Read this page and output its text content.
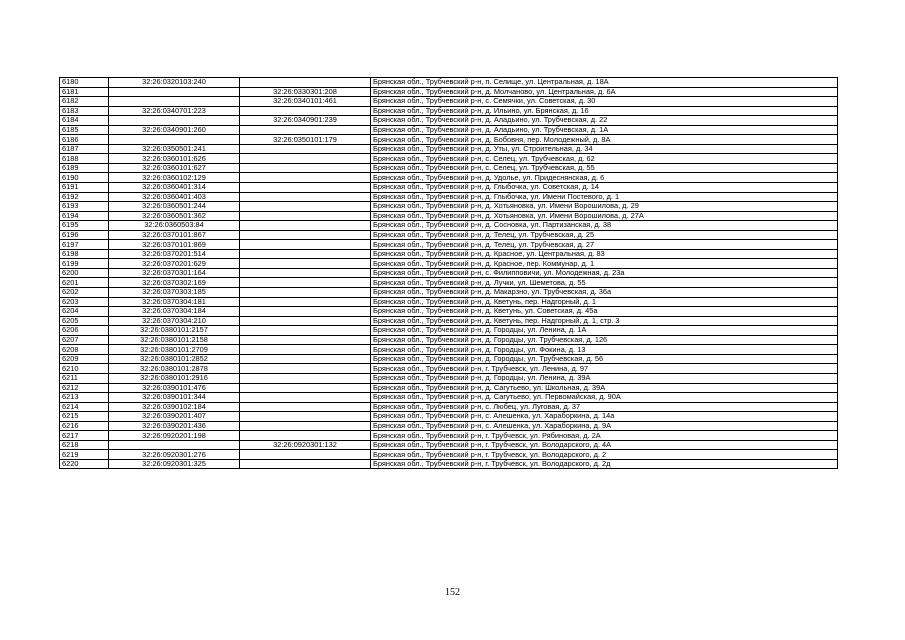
6180	32:26:0320103:240		Брянская обл., Трубчевский р-н, п. Селище, ул. Центральная, д. 18А
6181		32:26:0330301:208	Брянская обл., Трубчевский р-н, д. Молчаново, ул. Центральная, д. 6А
6182		32:26:0340101:461	Брянская обл., Трубчевский р-н, с. Семячки, ул. Советская, д. 30
6183	32:26:0340701:223		Брянская обл., Трубчевский р-н, д. Ильино, ул. Брянская, д. 16
6184		32:26:0340901:239	Брянская обл., Трубчевский р-н, д. Аладьино, ул. Трубчевская, д. 22
6185	32:26:0340901:260		Брянская обл., Трубчевский р-н, д. Аладьино, ул. Трубчевская, д. 1А
6186		32:26:0350101:179	Брянская обл., Трубчевский р-н, д. Бобовня, пер. Молодежный, д. 8А
6187	32:26:0350501:241		Брянская обл., Трубчевский р-н, д. Уты, ул. Строительная, д. 34
6188	32:26:0360101:626		Брянская обл., Трубчевский р-н, с. Селец, ул. Трубчевская, д. 62
6189	32:26:0360101:627		Брянская обл., Трубчевский р-н, с. Селец, ул. Трубчевская, д. 55
6190	32:26:0360102:129		Брянская обл., Трубчевский р-н, д. Удолье, ул. Придеснянская, д. 6
6191	32:26:0360401:314		Брянская обл., Трубчевский р-н, д. Глыбочка, ул. Советская, д. 14
6192	32:26:0360401:403		Брянская обл., Трубчевский р-н, д. Глыбочка, ул. Имени Постевого, д. 1
6193	32:26:0360501:244		Брянская обл., Трубчевский р-н, д. Хотьяновка, ул. Имени Ворошилова, д. 29
6194	32:26:0360501:362		Брянская обл., Трубчевский р-н, д. Хотьяновка, ул. Имени Ворошилова, д. 27А
6195	32:26:0360503:84		Брянская обл., Трубчевский р-н, д. Сосновка, ул. Партизанская, д. 38
6196	32:26:0370101:867		Брянская обл., Трубчевский р-н, д. Телец, ул. Трубчевская, д. 25
6197	32:26:0370101:869		Брянская обл., Трубчевский р-н, д. Телец, ул. Трубчевская, д. 27
6198	32:26:0370201:514		Брянская обл., Трубчевский р-н, д. Красное, ул. Центральная, д. 83
6199	32:26:0370201:629		Брянская обл., Трубчевский р-н, д. Красное, пер. Коммунар, д. 1
6200	32:26:0370301:164		Брянская обл., Трубчевский р-н, с. Филипповичи, ул. Молодежная, д. 23а
6201	32:26:0370302:169		Брянская обл., Трубчевский р-н, д. Лучки, ул. Шеметова, д. 55
6202	32:26:0370303:185		Брянская обл., Трубчевский р-н, д. Макарзно, ул. Трубчевская, д. 36а
6203	32:26:0370304:181		Брянская обл., Трубчевский р-н, д. Кветунь, пер. Надгорный, д. 1
6204	32:26:0370304:184		Брянская обл., Трубчевский р-н, д. Кветунь, ул. Советская, д. 45а
6205	32:26:0370304:210		Брянская обл., Трубчевский р-н, д. Кветунь, пер. Надгорный, д. 1, стр. 3
6206	32:26:0380101:2157		Брянская обл., Трубчевский р-н, д. Городцы, ул. Ленина, д. 1А
6207	32:26:0380101:2158		Брянская обл., Трубчевский р-н, д. Городцы, ул. Трубчевская, д. 126
6208	32:26:0380101:2709		Брянская обл., Трубчевский р-н, д. Городцы, ул. Фокина, д. 13
6209	32:26:0380101:2852		Брянская обл., Трубчевский р-н, д. Городцы, ул. Трубчевская, д. 56
6210	32:26:0380101:2878		Брянская обл., Трубчевский р-н, г. Трубчевск, ул. Ленина, д. 97
6211	32:26:0380101:2916		Брянская обл., Трубчевский р-н, д. Городцы, ул. Ленина, д. 39А
6212	32:26:0390101:476		Брянская обл., Трубчевский р-н, д. Сагутьево, ул. Школьная, д. 39А
6213	32:26:0390101:344		Брянская обл., Трубчевский р-н, д. Сагутьево, ул. Первомайская, д. 90А
6214	32:26:0390102:184		Брянская обл., Трубчевский р-н, с. Любец, ул. Луговая, д. 37
6215	32:26:0390201:407		Брянская обл., Трубчевский р-н, с. Алешенка, ул. Хараборкина, д. 14а
6216	32:26:0390201:436		Брянская обл., Трубчевский р-н, с. Алешенка, ул. Хараборкина, д. 9А
6217	32:26:0920201:198		Брянская обл., Трубчевский р-н, г. Трубчевск, ул. Рябиновая, д. 2А
6218		32:26:0920301:132	Брянская обл., Трубчевский р-н, г. Трубчевск, ул. Володарского, д. 4А
6219	32:26:0920301:276		Брянская обл., Трубчевский р-н, г. Трубчевск, ул. Володарского, д. 2
6220	32:26:0920301:325		Брянская обл., Трубчевский р-н, г. Трубчевск, ул. Володарского, д. 2д
152
